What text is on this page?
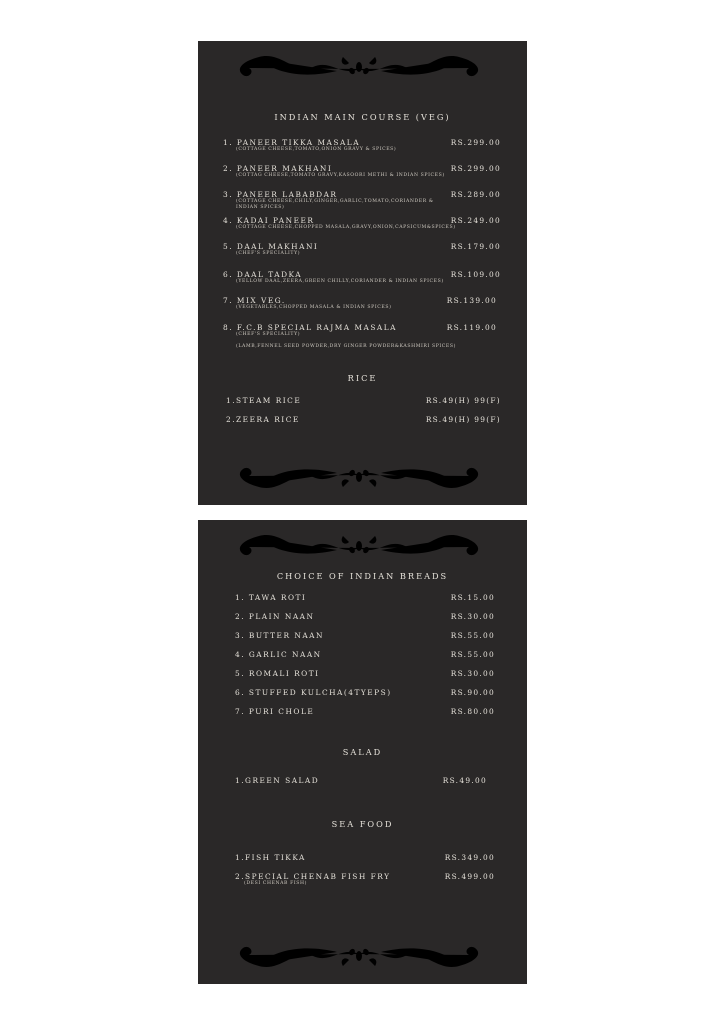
INDIAN MAIN COURSE (VEG)
1. PANEER TIKKA MASALA	RS.299.00
(COTTAGE CHEESE,TOMATO,ONION GRAVY & SPICES)
2. PANEER MAKHANI	RS.299.00
(COTTAG CHEESE,TOMATO GRAVY,KASOORI METHI & INDIAN SPICES)
3. PANEER LABABDAR	RS.289.00
(COTTAGE CHEESE,CHILY,GINGER,GARLIC,TOMATO,CORIANDER &
INDIAN SPICES)
4. KADAI PANEER	RS.249.00
(COTTAGE CHEESE,CHOPPED MASALA,GRAVY,ONION,CAPSICUM&SPICES)
5. DAAL MAKHANI	RS.179.00
(CHEF'S SPECIALITY)
6. DAAL TADKA	RS.109.00
(YELLOW DAAL,ZEERA,GREEN CHILLY,CORIANDER & INDIAN SPICES)
7. MIX VEG.	RS.139.00
(VEGETABLES,CHOPPED MASALA & INDIAN SPICES)
8. F.C.B SPECIAL RAJMA MASALA	RS.119.00
(CHEF'S SPECIALITY)
(LAMB,FENNEL SEED POWDER,DRY GINGER POWDER&KASHMIRI SPICES)
RICE
1.STEAM RICE	RS.49(H) 99(F)
2.ZEERA RICE	RS.49(H) 99(F)
CHOICE OF INDIAN BREADS
1. TAWA ROTI	RS.15.00
2. PLAIN NAAN	RS.30.00
3. BUTTER NAAN	RS.55.00
4. GARLIC NAAN	RS.55.00
5. ROMALI ROTI	RS.30.00
6. STUFFED KULCHA(4TYEPS)	RS.90.00
7. PURI CHOLE	RS.80.00
SALAD
1.GREEN SALAD	RS.49.00
SEA FOOD
1.FISH TIKKA	RS.349.00
2.SPECIAL CHENAB FISH FRY	RS.499.00
(DESI CHENAB FISH)
